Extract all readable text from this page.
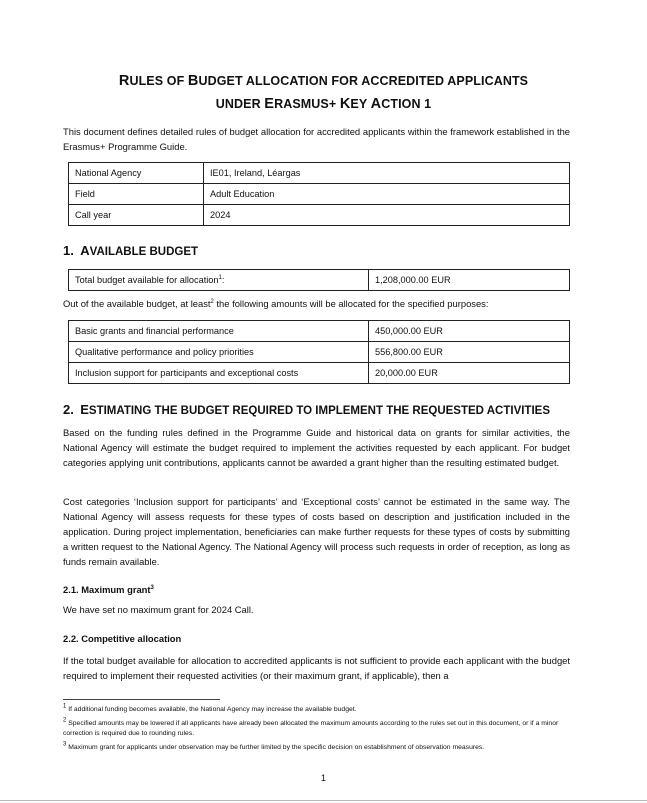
RULES OF BUDGET ALLOCATION FOR ACCREDITED APPLICANTS
UNDER ERASMUS+ KEY ACTION 1

This document defines detailed rules of budget allocation for accredited applicants within the framework established in the Erasmus+ Programme Guide.

National Agency	IE01, Ireland, Léargas
Field	Adult Education
Call year	2024
1. AVAILABLE BUDGET
Total budget available for allocation$^1$:	1,208,000.00 EUR

Out of the available budget, at least$^2$ the following amounts will be allocated for the specified purposes:

Basic grants and financial performance	450,000.00 EUR
Qualitative performance and policy priorities	556,800.00 EUR
Inclusion support for participants and exceptional costs	20,000.00 EUR
2. ESTIMATING THE BUDGET REQUIRED TO IMPLEMENT THE REQUESTED ACTIVITIES

Based on the funding rules defined in the Programme Guide and historical data on grants for similar activities, the National Agency will estimate the budget required to implement the activities requested by each applicant. For budget categories applying unit contributions, applicants cannot be awarded a grant higher than the resulting estimated budget.

Cost categories ‘Inclusion support for participants’ and ‘Exceptional costs’ cannot be estimated in the same way. The National Agency will assess requests for these types of costs based on description and justification included in the application. During project implementation, beneficiaries can make further requests for these types of costs by submitting a written request to the National Agency. The National Agency will process such requests in order of reception, as long as funds remain available.

2.1. Maximum grant$^3$

We have set no maximum grant for 2024 Call.

2.2. Competitive allocation

If the total budget available for allocation to accredited applicants is not sufficient to provide each applicant with the budget required to implement their requested activities (or their maximum grant, if applicable), then a

$^1$ If additional funding becomes available, the National Agency may increase the available budget.

$^2$ Specified amounts may be lowered if all applicants have already been allocated the maximum amounts according to the rules set out in this document, or if a minor correction is required due to rounding rules.

$^3$ Maximum grant for applicants under observation may be further limited by the specific decision on establishment of observation measures.

1
